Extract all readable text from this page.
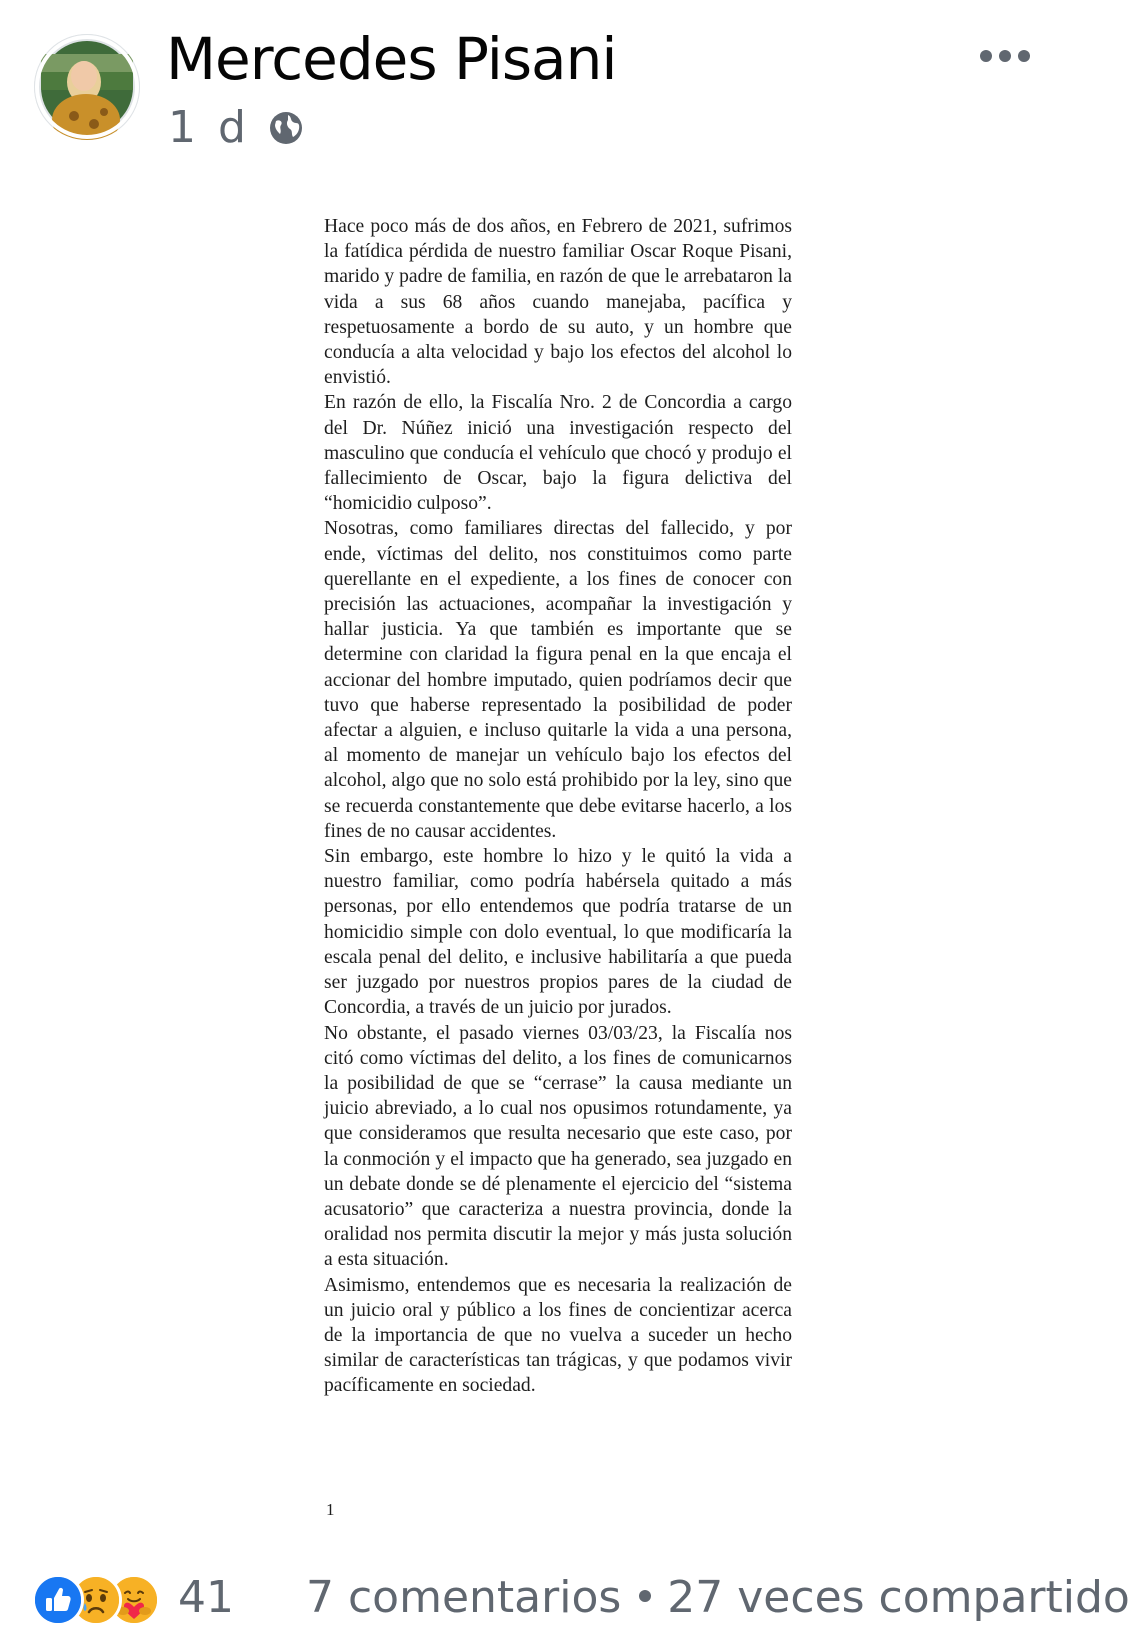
Mercedes Pisani
1 d

Hace poco más de dos años, en Febrero de 2021, sufrimos la fatídica pérdida de nuestro familiar Oscar Roque Pisani, marido y padre de familia, en razón de que le arrebataron la vida a sus 68 años cuando manejaba, pacífica y respetuosamente a bordo de su auto, y un hombre que conducía a alta velocidad y bajo los efectos del alcohol lo envistió.

En razón de ello, la Fiscalía Nro. 2 de Concordia a cargo del Dr. Núñez inició una investigación respecto del masculino que conducía el vehículo que chocó y produjo el fallecimiento de Oscar, bajo la figura delictiva del “homicidio culposo”.

Nosotras, como familiares directas del fallecido, y por ende, víctimas del delito, nos constituimos como parte querellante en el expediente, a los fines de conocer con precisión las actuaciones, acompañar la investigación y hallar justicia. Ya que también es importante que se determine con claridad la figura penal en la que encaja el accionar del hombre imputado, quien podríamos decir que tuvo que haberse representado la posibilidad de poder afectar a alguien, e incluso quitarle la vida a una persona, al momento de manejar un vehículo bajo los efectos del alcohol, algo que no solo está prohibido por la ley, sino que se recuerda constantemente que debe evitarse hacerlo, a los fines de no causar accidentes.

Sin embargo, este hombre lo hizo y le quitó la vida a nuestro familiar, como podría habérsela quitado a más personas, por ello entendemos que podría tratarse de un homicidio simple con dolo eventual, lo que modificaría la escala penal del delito, e inclusive habilitaría a que pueda ser juzgado por nuestros propios pares de la ciudad de Concordia, a través de un juicio por jurados.

No obstante, el pasado viernes 03/03/23, la Fiscalía nos citó como víctimas del delito, a los fines de comunicarnos la posibilidad de que se “cerrase” la causa mediante un juicio abreviado, a lo cual nos opusimos rotundamente, ya que consideramos que resulta necesario que este caso, por la conmoción y el impacto que ha generado, sea juzgado en un debate donde se dé plenamente el ejercicio del “sistema acusatorio” que caracteriza a nuestra provincia, donde la oralidad nos permita discutir la mejor y más justa solución a esta situación.

Asimismo, entendemos que es necesaria la realización de un juicio oral y público a los fines de concientizar acerca de la importancia de que no vuelva a suceder un hecho similar de características tan trágicas, y que podamos vivir pacíficamente en sociedad.

1
41 7 comentarios 27 veces compartido
